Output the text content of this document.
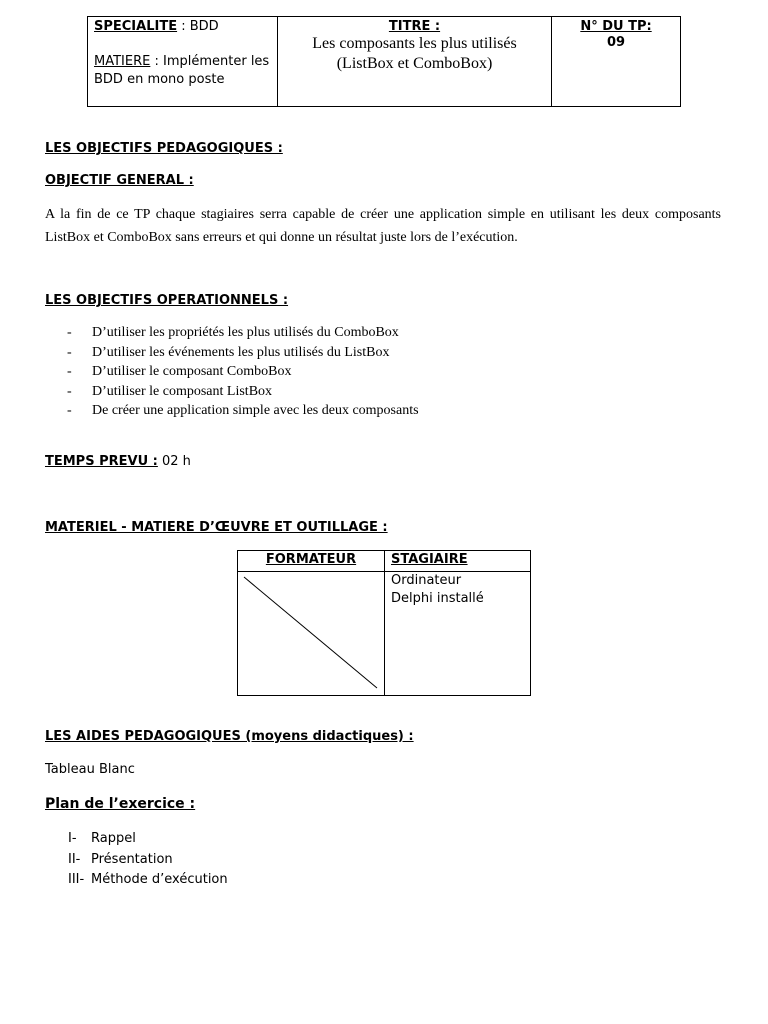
SPECIALITE : BDD
MATIERE : Implémenter les
BDD en mono poste
TITRE :
Les composants les plus utilisés
(ListBox et ComboBox)
N° DU TP:
09
LES OBJECTIFS PEDAGOGIQUES :
OBJECTIF GENERAL :
A la fin de ce TP chaque stagiaires serra capable de créer une application simple en utilisant les deux composants ListBox et ComboBox sans erreurs et qui donne un résultat juste lors de l’exécution.
LES OBJECTIFS OPERATIONNELS :
- D’utiliser les propriétés les plus utilisés du ComboBox
- D’utiliser les événements les plus utilisés du ListBox
- D’utiliser le composant ComboBox
- D’utiliser le composant ListBox
- De créer une application simple avec les deux composants
TEMPS PREVU : 02 h
MATERIEL - MATIERE D’ŒUVRE ET OUTILLAGE :
FORMATEUR	STAGIAIRE
Ordinateur
Delphi installé
LES AIDES PEDAGOGIQUES (moyens didactiques) :
Tableau Blanc
Plan de l’exercice :
I- Rappel
II- Présentation
III- Méthode d’exécution
